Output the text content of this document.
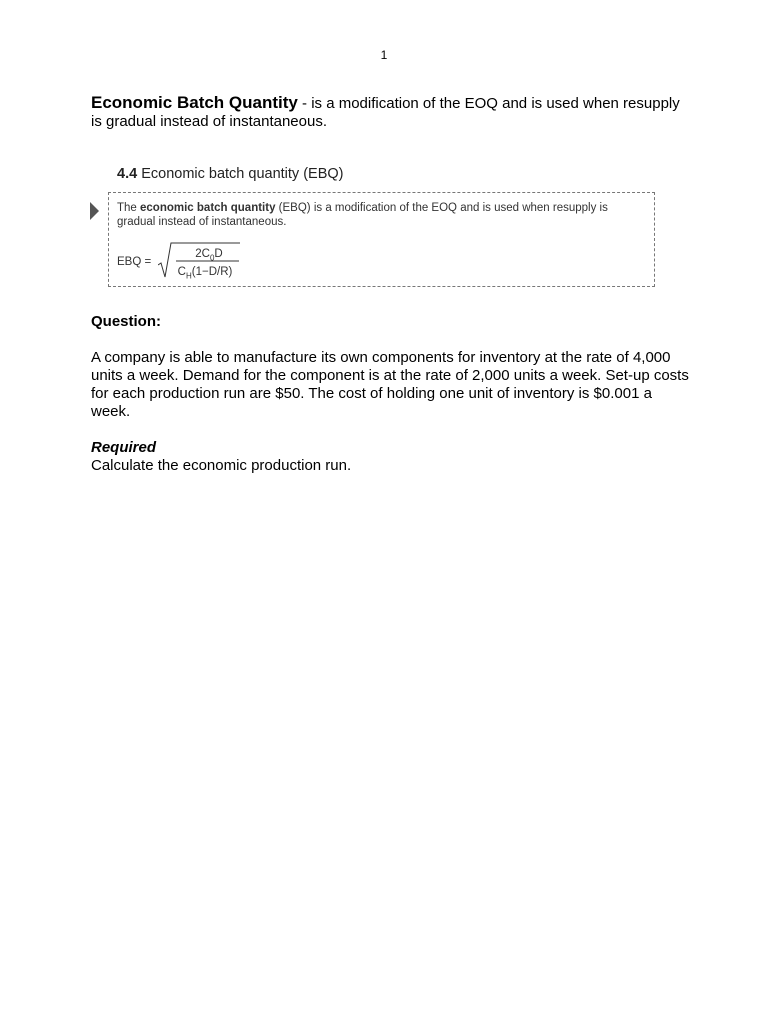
1
Economic Batch Quantity - is a modification of the EOQ and is used when resupply is gradual instead of instantaneous.
4.4 Economic batch quantity (EBQ)
The economic batch quantity (EBQ) is a modification of the EOQ and is used when resupply is gradual instead of instantaneous.
EBQ =
$2C_0D$
$C_H(1-D/R)$
Question:
A company is able to manufacture its own components for inventory at the rate of 4,000 units a week. Demand for the component is at the rate of 2,000 units a week. Set-up costs for each production run are $50. The cost of holding one unit of inventory is $0.001 a week.
Required
Calculate the economic production run.
